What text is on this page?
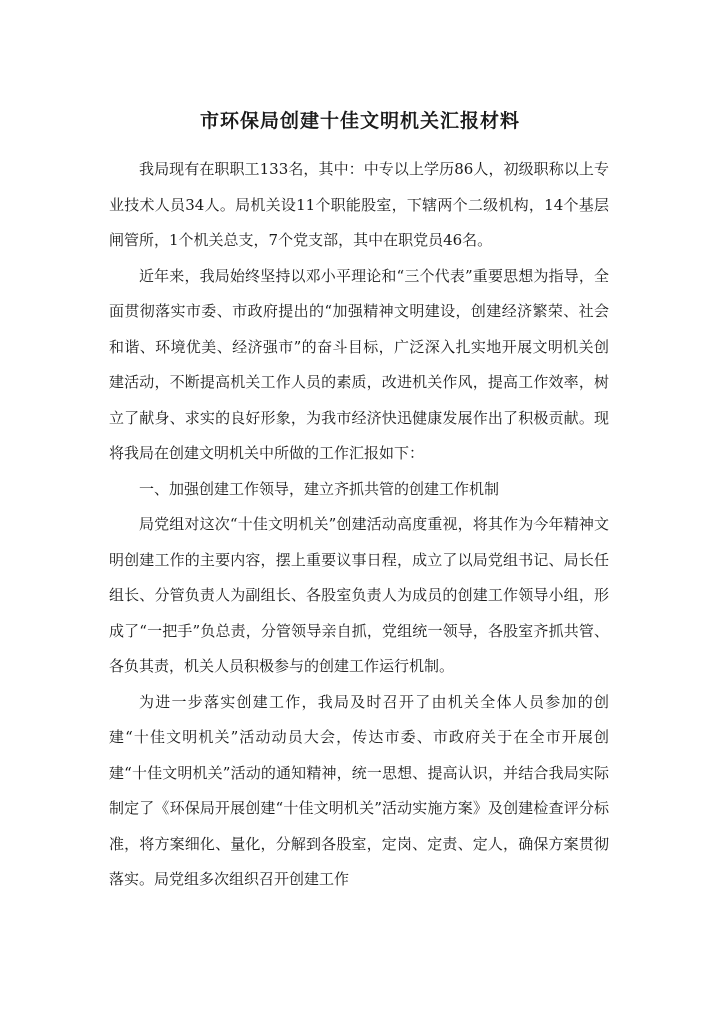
市环保局创建十佳文明机关汇报材料

我局现有在职职工133名，其中：中专以上学历86人，初级职称以上专业技术人员34人。局机关设11个职能股室，下辖两个二级机构，14个基层闸管所，1个机关总支，7个党支部，其中在职党员46名。

近年来，我局始终坚持以邓小平理论和“三个代表”重要思想为指导，全面贯彻落实市委、市政府提出的“加强精神文明建设，创建经济繁荣、社会和谐、环境优美、经济强市”的奋斗目标，广泛深入扎实地开展文明机关创建活动，不断提高机关工作人员的素质，改进机关作风，提高工作效率，树立了献身、求实的良好形象，为我市经济快迅健康发展作出了积极贡献。现将我局在创建文明机关中所做的工作汇报如下：

一、加强创建工作领导，建立齐抓共管的创建工作机制

局党组对这次“十佳文明机关”创建活动高度重视，将其作为今年精神文明创建工作的主要内容，摆上重要议事日程，成立了以局党组书记、局长任组长、分管负责人为副组长、各股室负责人为成员的创建工作领导小组，形成了“一把手”负总责，分管领导亲自抓，党组统一领导，各股室齐抓共管、各负其责，机关人员积极参与的创建工作运行机制。

为进一步落实创建工作，我局及时召开了由机关全体人员参加的创建“十佳文明机关”活动动员大会，传达市委、市政府关于在全市开展创建“十佳文明机关”活动的通知精神，统一思想、提高认识，并结合我局实际制定了《环保局开展创建“十佳文明机关”活动实施方案》及创建检查评分标准，将方案细化、量化，分解到各股室，定岗、定责、定人，确保方案贯彻落实。局党组多次组织召开创建工作
